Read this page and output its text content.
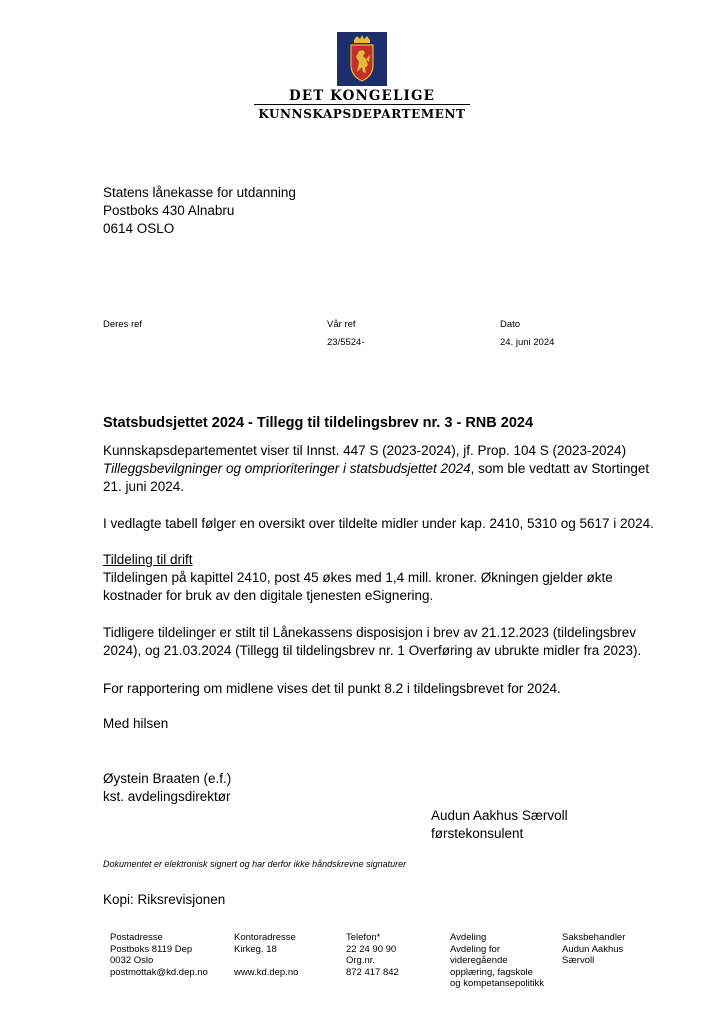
DET KONGELIGE
KUNNSKAPSDEPARTEMENT
Statens lånekasse for utdanning
Postboks 430 Alnabru
0614 OSLO
Deres ref	Vår ref
23/5524-
Dato
24. juni 2024
Statsbudsjettet 2024 - Tillegg til tildelingsbrev nr. 3 - RNB 2024

Kunnskapsdepartementet viser til Innst. 447 S (2023-2024), jf. Prop. 104 S (2023-2024) Tilleggsbevilgninger og omprioriteringer i statsbudsjettet 2024, som ble vedtatt av Stortinget 21. juni 2024.

I vedlagte tabell følger en oversikt over tildelte midler under kap. 2410, 5310 og 5617 i 2024.

Tildeling til drift

Tildelingen på kapittel 2410, post 45 økes med 1,4 mill. kroner. Økningen gjelder økte kostnader for bruk av den digitale tjenesten eSignering.

Tidligere tildelinger er stilt til Lånekassens disposisjon i brev av 21.12.2023 (tildelingsbrev 2024), og 21.03.2024 (Tillegg til tildelingsbrev nr. 1 Overføring av ubrukte midler fra 2023).

For rapportering om midlene vises det til punkt 8.2 i tildelingsbrevet for 2024.

Med hilsen

Øystein Braaten (e.f.)

kst. avdelingsdirektør

Audun Aakhus Særvoll

førstekonsulent

Dokumentet er elektronisk signert og har derfor ikke håndskrevne signaturer
Kopi: Riksrevisjonen
Postadresse
Postboks 8119 Dep
0032 Oslo
postmottak@kd.dep.no
Kontoradresse
Kirkeg. 18
www.kd.dep.no
Telefon*
22 24 90 90
Org.nr.
872 417 842
Avdeling
Avdeling for
videregående
opplæring, fagskole
og kompetansepolitikk
Saksbehandler
Audun Aakhus
Særvoll
